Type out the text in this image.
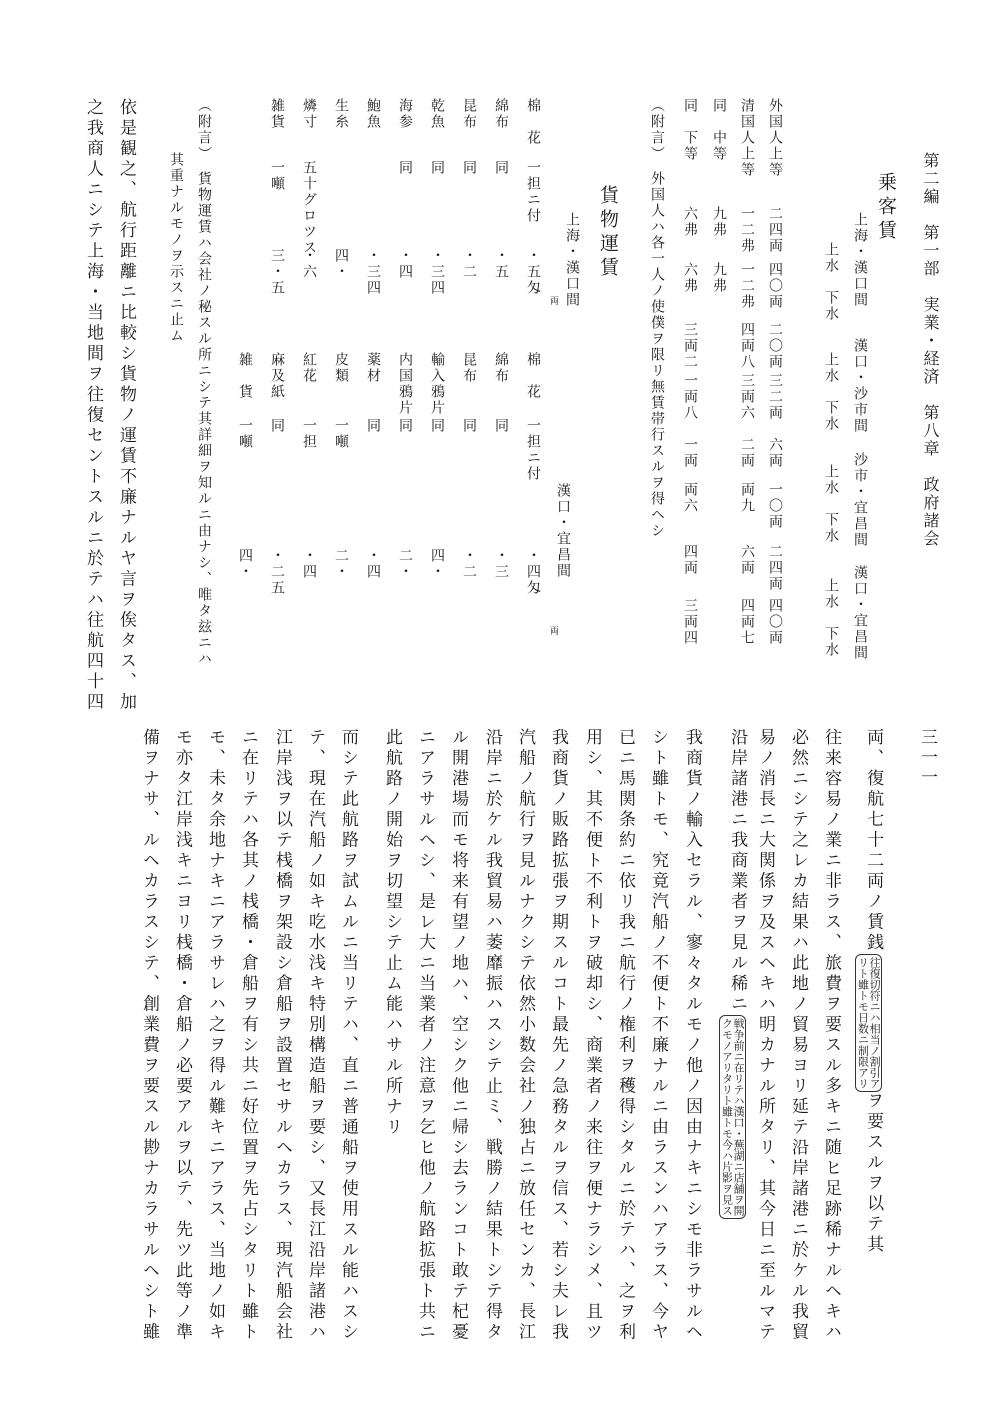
第二編　第一部　実業・経済　第八章　政府諸会
乗客賃
上海・漢口間
漢口・沙市間
沙市・宜昌間
漢口・宜昌間
上水　下水
上水　下水
上水　下水
上水　下水
外国人上等
二四両
四〇両
二〇両
三二両
六両
一〇両
二四両
四〇両
清国人上等
一二弗
一二弗
四両八
三両六
二両
両九
六両
四両七
同　中等
九弗
九弗
同　下等
六弗
六弗
三両二
一両八
一両
両六
四両
三両四
（附言）　外国人ハ各一人ノ使僕ヲ限リ無賃帯行スルヲ得ヘシ
貨物運賃
上海・漢口間
漢口・宜昌間
棉　花
一担ニ付
・五匁
棉　花
一担ニ付
・四匁
綿布
同
・五
綿布
同
・三
昆布
同
・二
昆布
同
・二
乾魚
同
・三四
輸入鴉片
同
四・
海参
同
・四
内国鴉片
同
二・
鮑魚
・三四
薬材
同
・四
生糸
四・
皮類
一噸
二・
燐寸
五十グロツス
・六
紅花
一担
・四
雑貨
一噸
三・五
麻及紙
同
・二五
雑　貨
一噸
四・
両
両
（附言）　貨物運賃ハ会社ノ秘スル所ニシテ其詳細ヲ知ルニ由ナシ、唯タ玆ニハ
其重ナルモノヲ示スニ止ム
依是観之、航行距離ニ比較シ貨物ノ運賃不廉ナルヤ言ヲ俟タス、加
之我商人ニシテ上海・当地間ヲ往復セントスルニ於テハ往航四十四
三一一
両、復航七十二両ノ賃銭
往復切符ニハ相当ノ割引ア
リト雖トモ日数ニ制限アリ
ヲ要スルヲ以テ其
往来容易ノ業ニ非ラス、旅費ヲ要スル多キニ随ヒ足跡稀ナルヘキハ
必然ニシテ之レカ結果ハ此地ノ貿易ヨリ延テ沿岸諸港ニ於ケル我貿
易ノ消長ニ大関係ヲ及スヘキハ明カナル所タリ、其今日ニ至ルマテ
沿岸諸港ニ我商業者ヲ見ル稀ニ
戦争前ニ在リテハ漢口・蕪湖ニ店舗ヲ開
クモノアリタリト雖トモ今ハ片影ヲ見ス
我商貨ノ輸入セラル、寥々タルモノ他ノ因由ナキニシモ非ラサルヘ
シト雖トモ、究竟汽船ノ不便ト不廉ナルニ由ラスンハアラス、今ヤ
已ニ馬関条約ニ依リ我ニ航行ノ権利ヲ穫得シタルニ於テハ、之ヲ利
用シ、其不便ト不利トヲ破却シ、商業者ノ来往ヲ便ナラシメ、且ツ
我商貨ノ販路拡張ヲ期スルコト最先ノ急務タルヲ信ス、若シ夫レ我
汽船ノ航行ヲ見ルナクシテ依然小数会社ノ独占ニ放任センカ、長江
沿岸ニ於ケル我貿易ハ萎靡振ハスシテ止ミ、戦勝ノ結果トシテ得タ
ル開港場而モ将来有望ノ地ハ、空シク他ニ帰シ去ランコト敢テ杞憂
ニアラサルヘシ、是レ大ニ当業者ノ注意ヲ乞ヒ他ノ航路拡張ト共ニ
此航路ノ開始ヲ切望シテ止ム能ハサル所ナリ
而シテ此航路ヲ試ムルニ当リテハ、直ニ普通船ヲ使用スル能ハスシ
テ、現在汽船ノ如キ吃水浅キ特別構造船ヲ要シ、又長江沿岸諸港ハ
江岸浅ヲ以テ桟橋ヲ架設シ倉船ヲ設置セサルヘカラス、現汽船会社
ニ在リテハ各其ノ桟橋・倉船ヲ有シ共ニ好位置ヲ先占シタリト雖ト
モ、未タ余地ナキニアラサレハ之ヲ得ル難キニアラス、当地ノ如キ
モ亦タ江岸浅キニヨリ桟橋・倉船ノ必要アルヲ以テ、先ツ此等ノ準
備ヲナサ、ルヘカラスシテ、創業費ヲ要スル尠ナカラサルヘシト雖
